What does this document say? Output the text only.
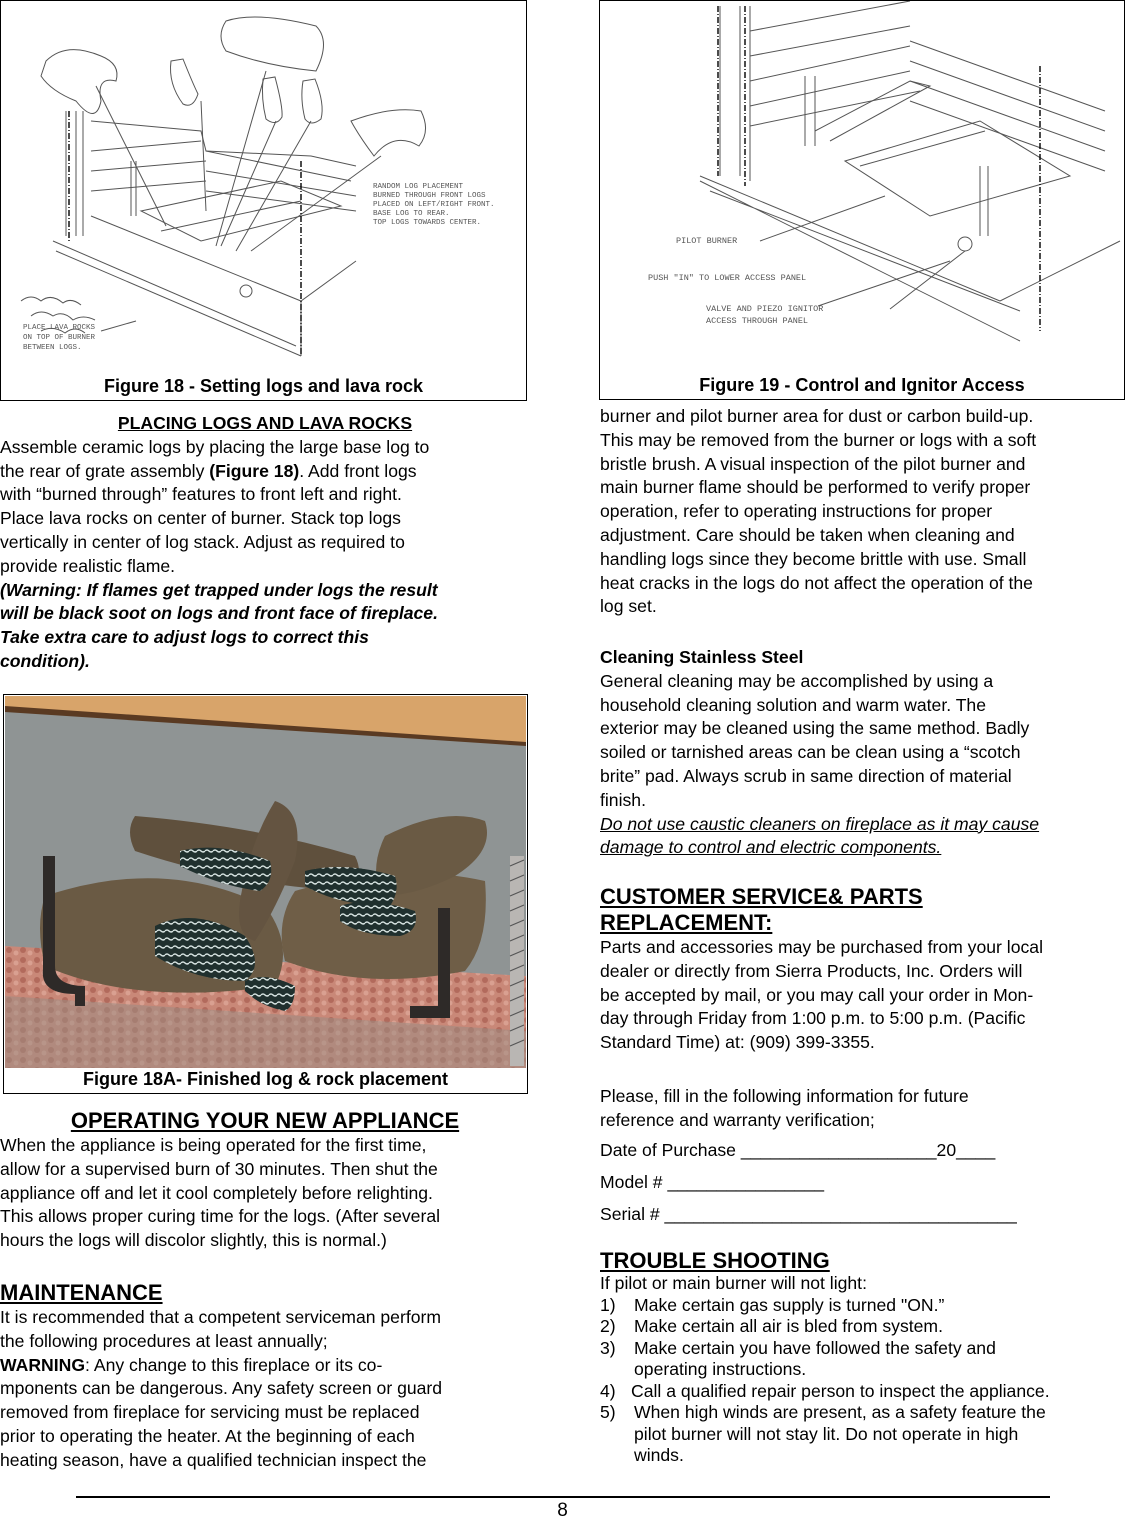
RANDOM LOG PLACEMENT
BURNED THROUGH FRONT LOGS
PLACED ON LEFT/RIGHT FRONT.
BASE LOG TO REAR.
TOP LOGS TOWARDS CENTER.
PLACE LAVA ROCKS
ON TOP OF BURNER
BETWEEN LOGS.
Figure 18 - Setting logs and lava rock
PILOT BURNER
PUSH "IN" TO LOWER ACCESS PANEL
VALVE AND PIEZO IGNITOR
ACCESS THROUGH PANEL
Figure 19 - Control and Ignitor Access
PLACING LOGS AND LAVA ROCKS
Assemble ceramic logs by placing the large base log to
the rear of grate assembly (Figure 18). Add front logs
with “burned through” features to front left and right.
Place lava rocks on center of burner. Stack top logs
vertically in center of log stack. Adjust as required to
provide realistic flame.
(Warning: If flames get trapped under logs the result
will be black soot on logs and front face of fireplace.
Take extra care to adjust logs to correct this
condition).
Figure 18A- Finished log & rock placement
OPERATING YOUR NEW APPLIANCE
When the appliance is being operated for the first time,
allow for a supervised burn of 30 minutes. Then shut the
appliance off and let it cool completely before relighting.
This allows proper curing time for the logs. (After several
hours the logs will discolor slightly, this is normal.)
MAINTENANCE
It is recommended that a competent serviceman perform
the following procedures at least annually;
WARNING: Any change to this fireplace or its co-
mponents can be dangerous. Any safety screen or guard
removed from fireplace for servicing must be replaced
prior to operating the heater. At the beginning of each
heating season, have a qualified technician inspect the
burner and pilot burner area for dust or carbon build-up.
This may be removed from the burner or logs with a soft
bristle brush. A visual inspection of the pilot burner and
main burner flame should be performed to verify proper
operation, refer to operating instructions for proper
adjustment. Care should be taken when cleaning and
handling logs since they become brittle with use. Small
heat cracks in the logs do not affect the operation of the
log set.
Cleaning Stainless Steel
General cleaning may be accomplished by using a
household cleaning solution and warm water. The
exterior may be cleaned using the same method. Badly
soiled or tarnished areas can be clean using a “scotch
brite” pad. Always scrub in same direction of material
finish.
Do not use caustic cleaners on fireplace as it may cause
damage to control and electric components.
CUSTOMER SERVICE& PARTS
REPLACEMENT:
Parts and accessories may be purchased from your local
dealer or directly from Sierra Products, Inc. Orders will
be accepted by mail, or you may call your order in Mon-
day through Friday from 1:00 p.m. to 5:00 p.m. (Pacific
Standard Time) at: (909) 399-3355.
Please, fill in the following information for future
reference and warranty verification;
Date of Purchase ____________________20____
Model # ________________
Serial # ____________________________________
TROUBLE SHOOTING
If pilot or main burner will not light:
1)	Make certain gas supply is turned "ON.”
2)	Make certain all air is bled from system.
3)	Make certain you have followed the safety and
operating instructions.
4) Call a qualified repair person to inspect the appliance.
5)	When high winds are present, as a safety feature the
pilot burner will not stay lit. Do not operate in high
winds.
8
